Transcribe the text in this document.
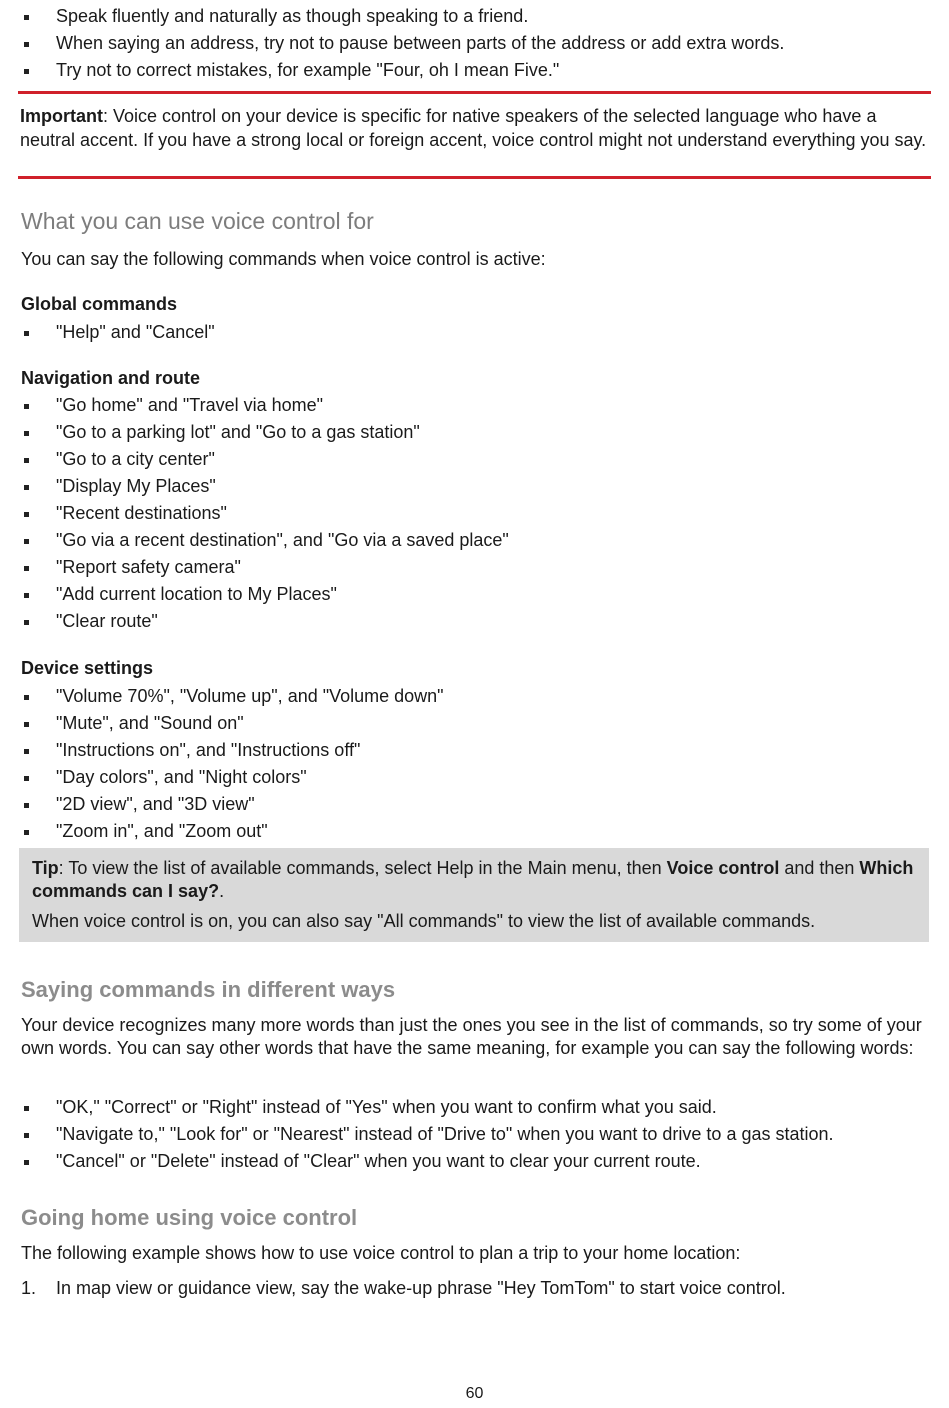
Speak fluently and naturally as though speaking to a friend.
When saying an address, try not to pause between parts of the address or add extra words.
Try not to correct mistakes, for example "Four, oh I mean Five."

Important: Voice control on your device is specific for native speakers of the selected language who have a neutral accent. If you have a strong local or foreign accent, voice control might not understand everything you say.

What you can use voice control for

You can say the following commands when voice control is active:

Global commands
"Help" and "Cancel"
Navigation and route
"Go home" and "Travel via home"
"Go to a parking lot" and "Go to a gas station"
"Go to a city center"
"Display My Places"
"Recent destinations"
"Go via a recent destination", and "Go via a saved place"
"Report safety camera"
"Add current location to My Places"
"Clear route"
Device settings
"Volume 70%", "Volume up", and "Volume down"
"Mute", and "Sound on"
"Instructions on", and "Instructions off"
"Day colors", and "Night colors"
"2D view", and "3D view"
"Zoom in", and "Zoom out"

Tip: To view the list of available commands, select Help in the Main menu, then Voice control and then Which commands can I say?.

When voice control is on, you can also say "All commands" to view the list of available commands.

Saying commands in different ways

Your device recognizes many more words than just the ones you see in the list of commands, so try some of your own words. You can say other words that have the same meaning, for example you can say the following words:

"OK," "Correct" or "Right" instead of "Yes" when you want to confirm what you said.
"Navigate to," "Look for" or "Nearest" instead of "Drive to" when you want to drive to a gas station.
"Cancel" or "Delete" instead of "Clear" when you want to clear your current route.
Going home using voice control

The following example shows how to use voice control to plan a trip to your home location:

1. In map view or guidance view, say the wake-up phrase "Hey TomTom" to start voice control.
60
